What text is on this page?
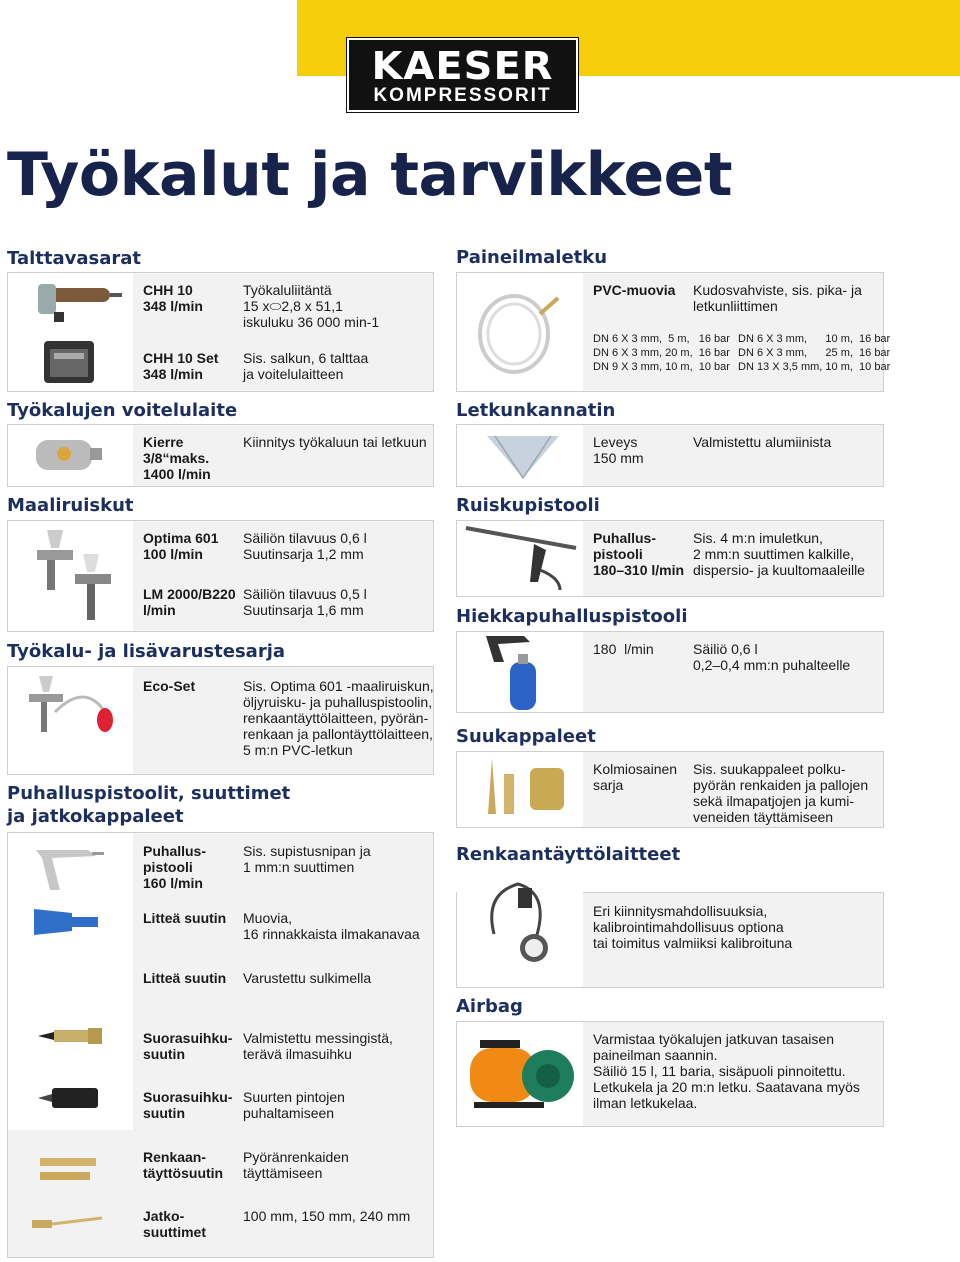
KAESER
KOMPRESSORIT
Työkalut ja tarvikkeet
Talttavasarat
CHH 10
348 l/min
Työkaluliitäntä
15 x⬭2,8 x 51,1
iskuluku 36 000 min-1
CHH 10 Set
348 l/min
Sis. salkun, 6 talttaa
ja voitelulaitteen
Työkalujen voitelulaite
Kierre
3/8“maks.
1400 l/min
Kiinnitys työkaluun tai letkuun
Maaliruiskut
Optima 601
100 l/min
Säiliön tilavuus 0,6 l
Suutinsarja 1,2 mm
LM 2000/B220
l/min
Säiliön tilavuus 0,5 l
Suutinsarja 1,6 mm
Työkalu- ja lisävarustesarja
Eco-Set	Sis. Optima 601 -maaliruiskun,
öljyruisku- ja puhalluspistoolin,
renkaantäyttölaitteen, pyörän-
renkaan ja pallontäyttölaitteen,
5 m:n PVC-letkun
Puhalluspistoolit, suuttimet
ja jatkokappaleet
Puhallus-
pistooli
160 l/min
Sis. supistusnipan ja
1 mm:n suuttimen
Litteä suutin Muovia,
16 rinnakkaista ilmakanavaa
Litteä suutin Varustettu sulkimella
Suorasuihku-
suutin
Valmistettu messingistä,
terävä ilmasuihku
Suorasuihku-
suutin
Suurten pintojen
puhaltamiseen
Renkaan-
täyttösuutin
Pyöränrenkaiden
täyttämiseen
Jatko-
suuttimet
100 mm, 150 mm, 240 mm
Paineilmaletku
PVC-muovia Kudosvahviste, sis. pika- ja
letkunliittimen
DN 6 X 3 mm,  5 m,   16 bar
DN 6 X 3 mm, 20 m,  16 bar
DN 9 X 3 mm, 10 m,  10 bar
DN 6 X 3 mm,      10 m,  16 bar
DN 6 X 3 mm,      25 m,  16 bar
DN 13 X 3,5 mm, 10 m,  10 bar
Letkunkannatin
Leveys
150 mm
Valmistettu alumiinista
Ruiskupistooli
Puhallus-
pistooli
180–310 l/min
Sis. 4 m:n imuletkun,
2 mm:n suuttimen kalkille,
dispersio- ja kuultomaaleille
Hiekkapuhalluspistooli
180  l/min	Säiliö 0,6 l
0,2–0,4 mm:n puhalteelle
Suukappaleet
Kolmiosainen
sarja
Sis. suukappaleet polku-
pyörän renkaiden ja pallojen
sekä ilmapatjojen ja kumi-
veneiden täyttämiseen
Renkaantäyttölaitteet
Eri kiinnitysmahdollisuuksia,
kalibrointimahdollisuus optiona
tai toimitus valmiiksi kalibroituna
Airbag
Varmistaa työkalujen jatkuvan tasaisen
paineilman saannin.
Säiliö 15 l, 11 baria, sisäpuoli pinnoitettu.
Letkukela ja 20 m:n letku. Saatavana myös
ilman letkukelaa.
